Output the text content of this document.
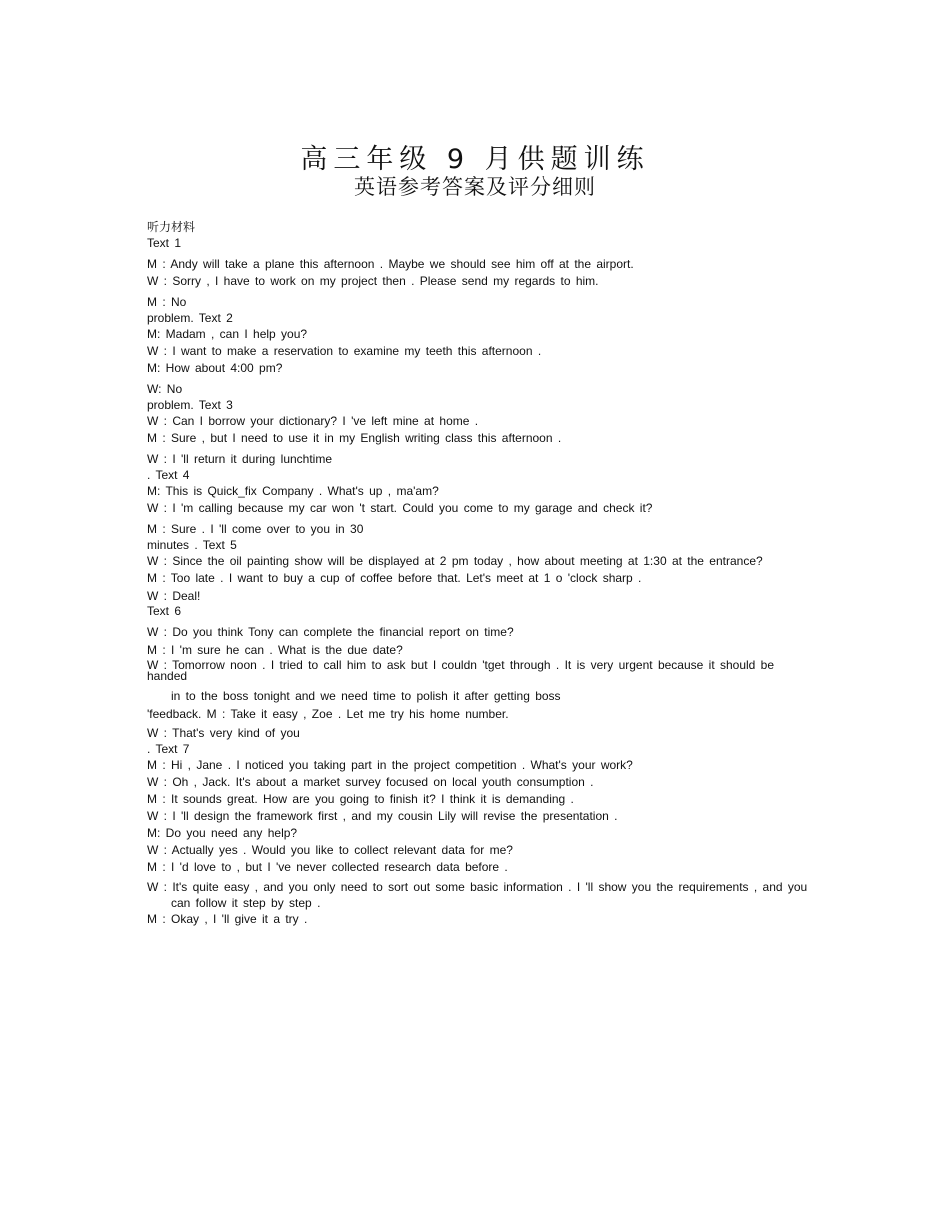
高三年级 9 月供题训练
英语参考答案及评分细则
听力材料
Text 1
M : Andy will take a plane this afternoon . Maybe we should see him off at the airport.
W : Sorry , I have to work on my project then . Please send my regards to him.
M : No
problem. Text 2
M: Madam , can I help you?
W : I want to make a reservation to examine my teeth this afternoon .
M: How about 4:00 pm?
W: No
problem. Text 3
W : Can I borrow your dictionary? I 've left mine at home .
M : Sure , but I need to use it in my English writing class this afternoon .
W : I 'll return it during lunchtime
. Text 4
M: This is Quick_fix Company . What's up , ma'am?
W : I 'm calling because my car won 't start. Could you come to my garage and check it?
M : Sure . I 'll come over to you in 30
minutes . Text 5
W : Since the oil painting show will be displayed at 2 pm today , how about meeting at 1:30 at the entrance?
M : Too late . I want to buy a cup of coffee before that. Let's meet at 1 o 'clock sharp .
W : Deal!
Text 6
W : Do you think Tony can complete the financial report on time?
M : I 'm sure he can . What is the due date?
W : Tomorrow noon . I tried to call him to ask but I couldn 'tget through . It is very urgent because it should be
handed
in to the boss tonight and we need time to polish it after getting boss
'feedback. M : Take it easy , Zoe . Let me try his home number.
W : That's very kind of you
. Text 7
M : Hi , Jane . I noticed you taking part in the project competition . What's your work?
W : Oh , Jack. It's about a market survey focused on local youth consumption .
M : It sounds great. How are you going to finish it? I think it is demanding .
W : I 'll design the framework first , and my cousin Lily will revise the presentation .
M: Do you need any help?
W : Actually yes . Would you like to collect relevant data for me?
M : I 'd love to , but I 've never collected research data before .
W : It's quite easy , and you only need to sort out some basic information . I 'll show you the requirements , and you
can follow it step by step .
M : Okay , I 'll give it a try .
